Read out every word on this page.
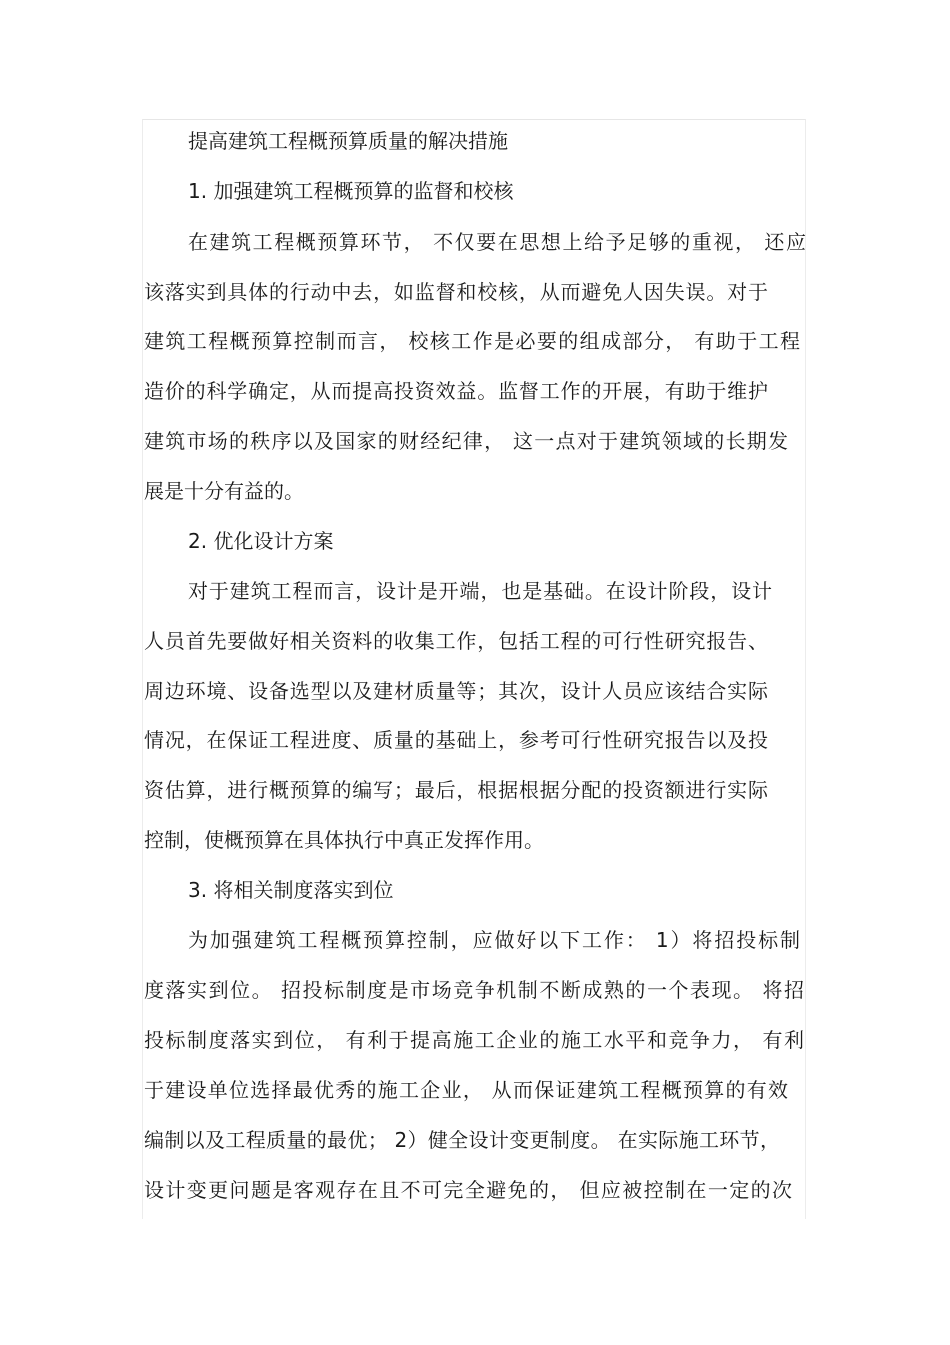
提高建筑工程概预算质量的解决措施
1. 加强建筑工程概预算的监督和校核
在建筑工程概预算环节， 不仅要在思想上给予足够的重视， 还应
该落实到具体的行动中去，如监督和校核，从而避免人因失误。对于
建筑工程概预算控制而言， 校核工作是必要的组成部分， 有助于工程
造价的科学确定，从而提高投资效益。监督工作的开展，有助于维护
建筑市场的秩序以及国家的财经纪律， 这一点对于建筑领域的长期发
展是十分有益的。
2. 优化设计方案
对于建筑工程而言，设计是开端，也是基础。在设计阶段，设计
人员首先要做好相关资料的收集工作，包括工程的可行性研究报告、
周边环境、设备选型以及建材质量等；其次，设计人员应该结合实际
情况，在保证工程进度、质量的基础上，参考可行性研究报告以及投
资估算，进行概预算的编写；最后，根据根据分配的投资额进行实际
控制，使概预算在具体执行中真正发挥作用。
3. 将相关制度落实到位
为加强建筑工程概预算控制，应做好以下工作： 1）将招投标制
度落实到位。 招投标制度是市场竞争机制不断成熟的一个表现。 将招
投标制度落实到位， 有利于提高施工企业的施工水平和竞争力， 有利
于建设单位选择最优秀的施工企业， 从而保证建筑工程概预算的有效
编制以及工程质量的最优； 2）健全设计变更制度。 在实际施工环节，
设计变更问题是客观存在且不可完全避免的， 但应被控制在一定的次
